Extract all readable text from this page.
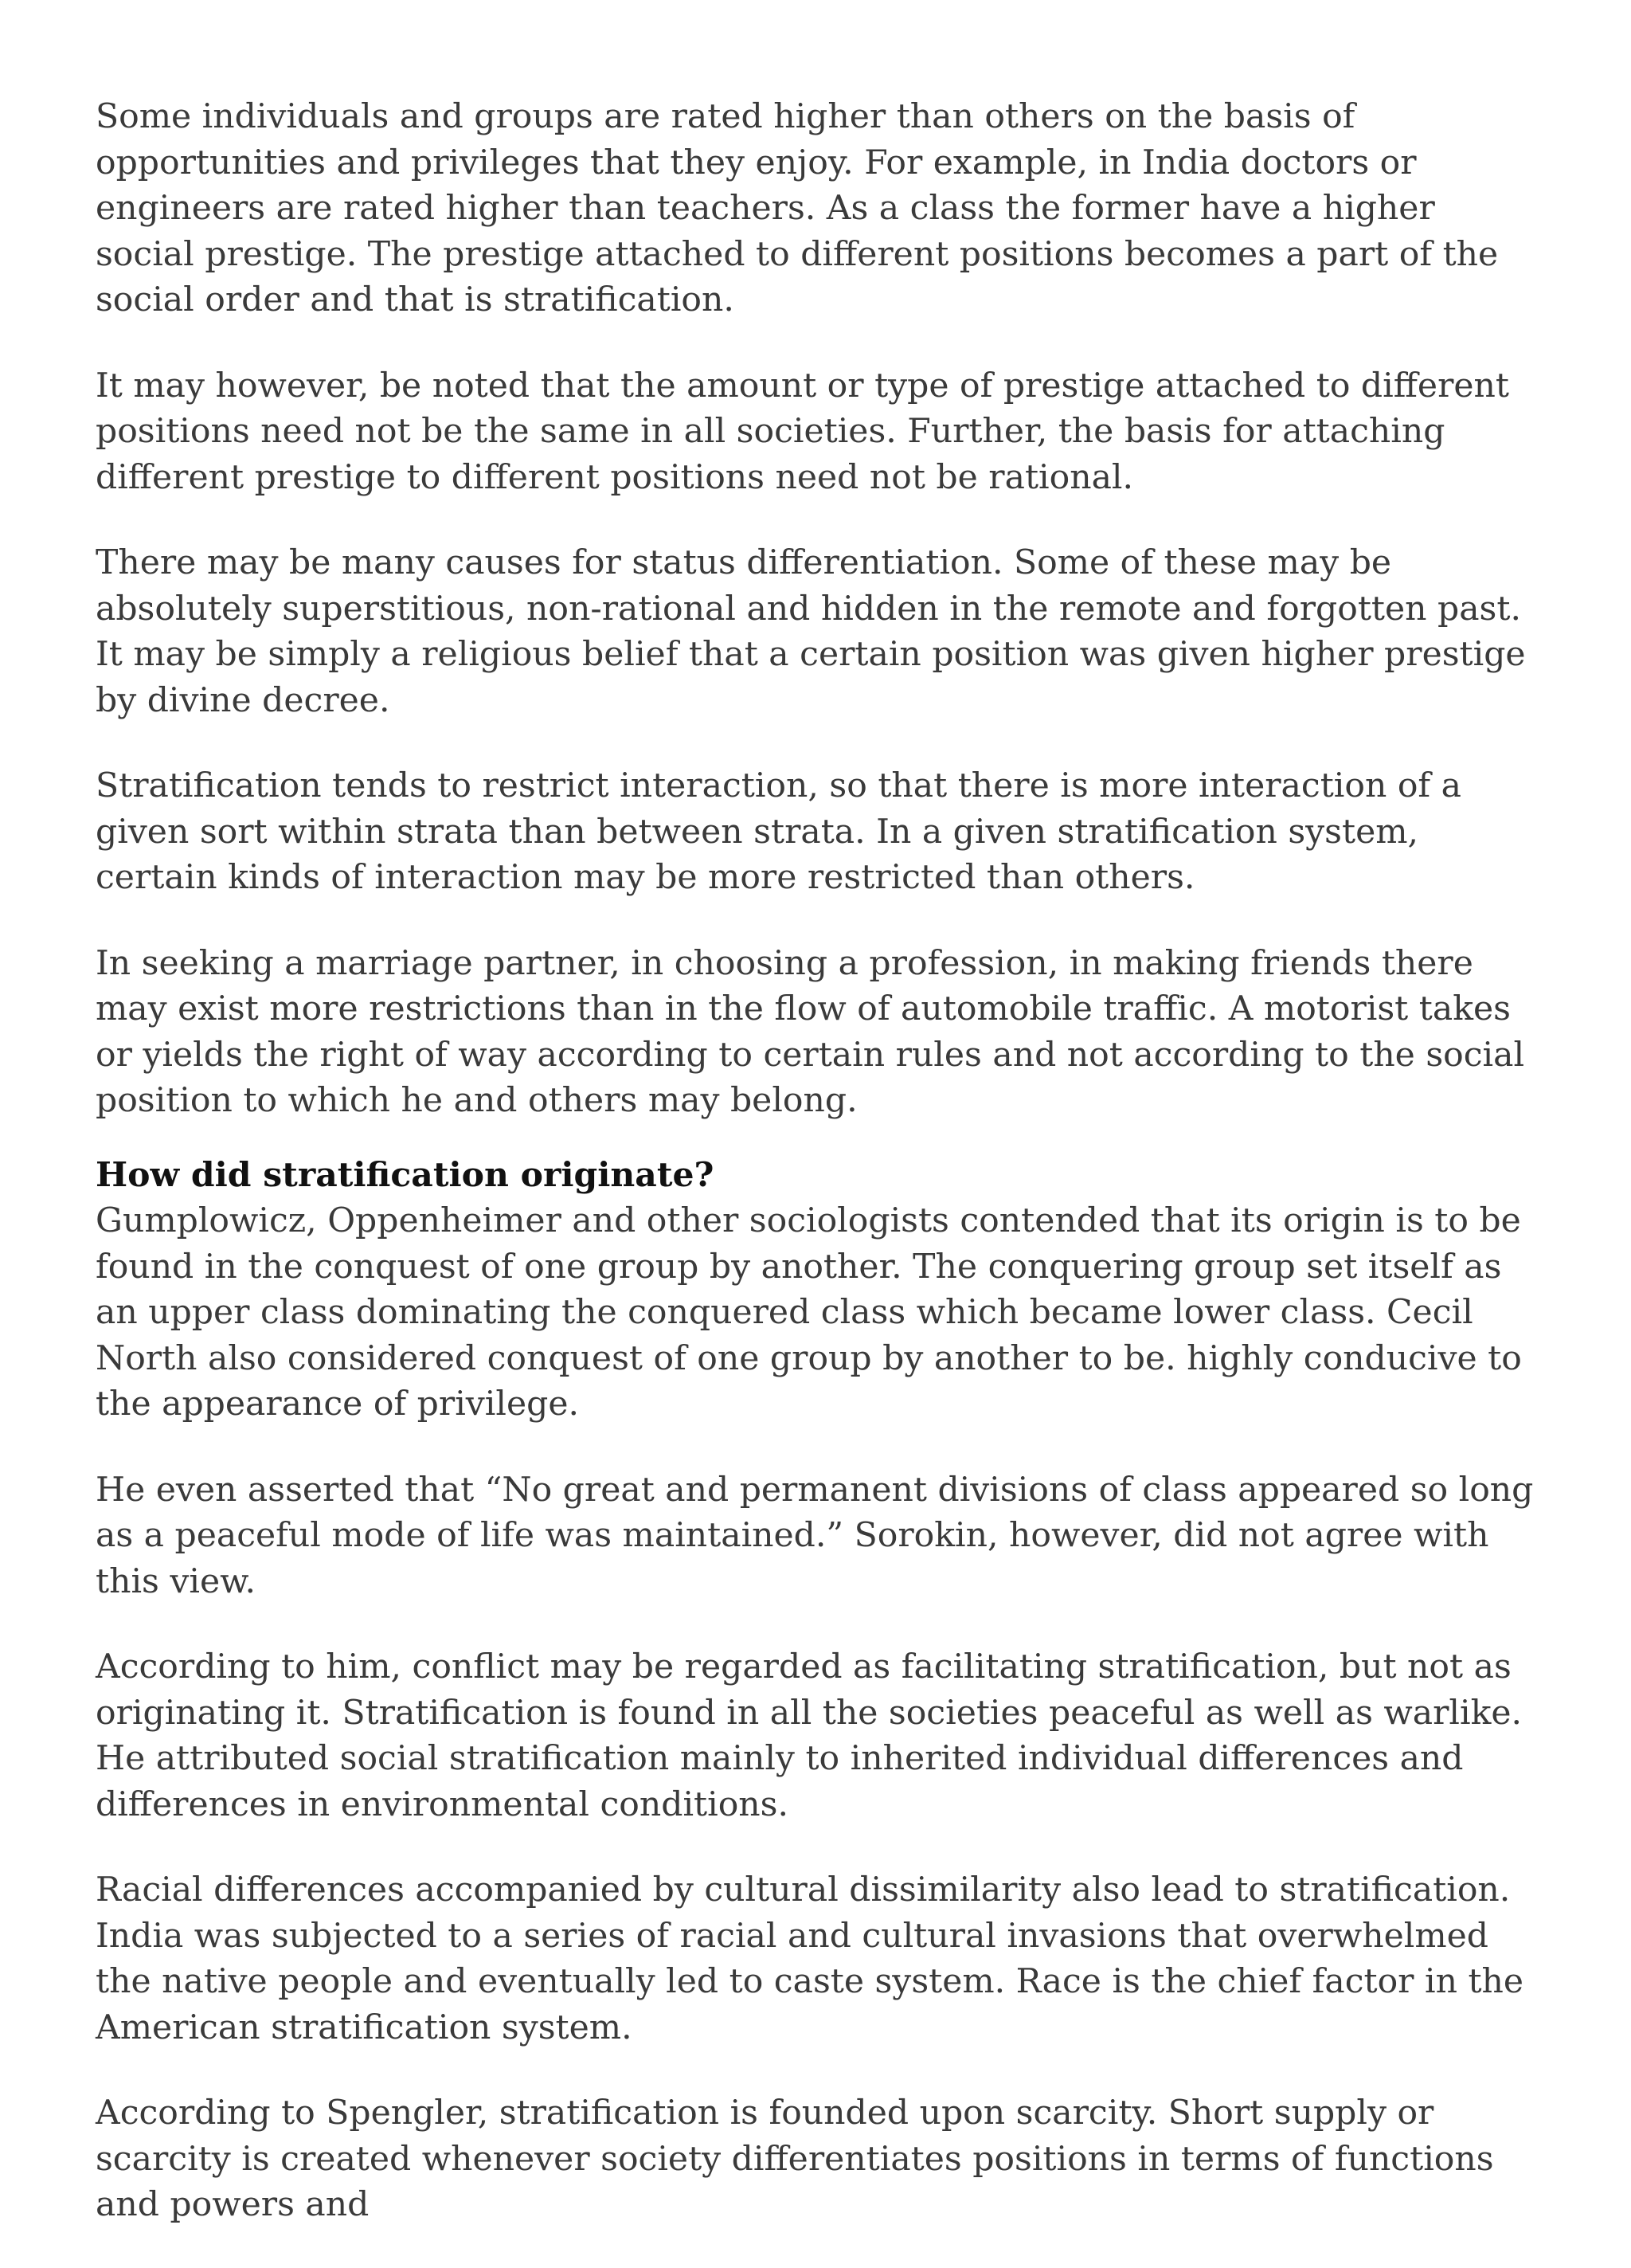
Some individuals and groups are rated higher than others on the basis of opportunities and privileges that they enjoy. For example, in India doctors or engineers are rated higher than teachers. As a class the former have a higher social prestige. The prestige attached to different positions becomes a part of the social order and that is stratification.

It may however, be noted that the amount or type of prestige attached to different positions need not be the same in all societies. Further, the basis for attaching different prestige to different positions need not be rational.

There may be many causes for status differentiation. Some of these may be absolutely superstitious, non-rational and hidden in the remote and forgotten past. It may be simply a religious belief that a certain position was given higher prestige by divine decree.

Stratification tends to restrict interaction, so that there is more interaction of a given sort within strata than between strata. In a given stratification system, certain kinds of interaction may be more restricted than others.

In seeking a marriage partner, in choosing a profession, in making friends there may exist more restrictions than in the flow of automobile traffic. A motorist takes or yields the right of way according to certain rules and not according to the social position to which he and others may belong.

How did stratification originate?

Gumplowicz, Oppenheimer and other sociologists contended that its origin is to be found in the conquest of one group by another. The conquering group set itself as an upper class dominating the conquered class which became lower class. Cecil North also considered conquest of one group by another to be. highly conducive to the appearance of privilege.

He even asserted that “No great and permanent divisions of class appeared so long as a peaceful mode of life was maintained.” Sorokin, however, did not agree with this view.

According to him, conflict may be regarded as facilitating stratification, but not as originating it. Stratification is found in all the societies peaceful as well as warlike. He attributed social stratification mainly to inherited individual differences and differences in environmental conditions.

Racial differences accompanied by cultural dissimilarity also lead to stratification. India was subjected to a series of racial and cultural invasions that overwhelmed the native people and eventually led to caste system. Race is the chief factor in the American stratification system.

According to Spengler, stratification is founded upon scarcity. Short supply or scarcity is created whenever society differentiates positions in terms of functions and powers and
